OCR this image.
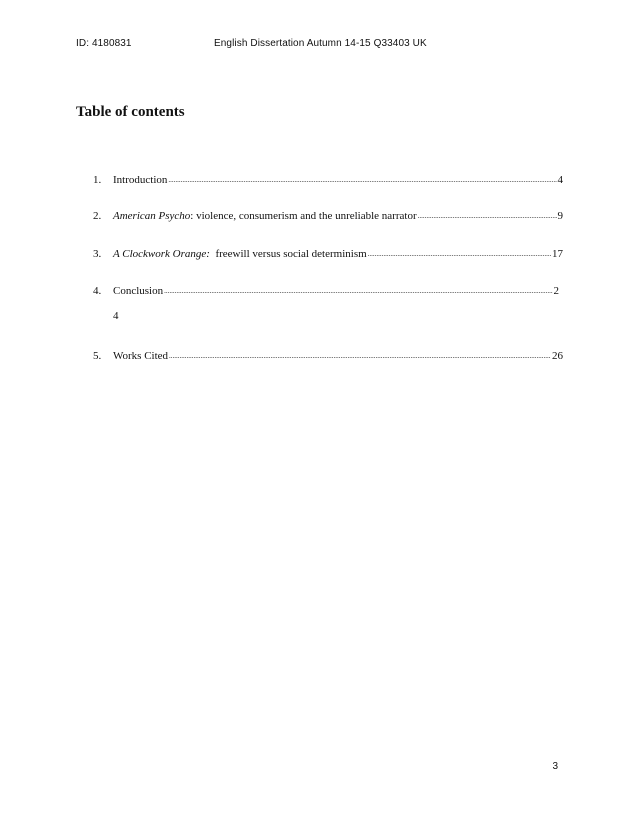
ID: 4180831	English Dissertation Autumn 14-15 Q33403 UK
Table of contents
1.	Introduction .....	4
2.	American Psycho: violence, consumerism and the unreliable narrator .....	9
3.	A Clockwork Orange:  freewill versus social determinism .....	17
4.	Conclusion .....	2
4
5.	Works Cited .....	26
3
